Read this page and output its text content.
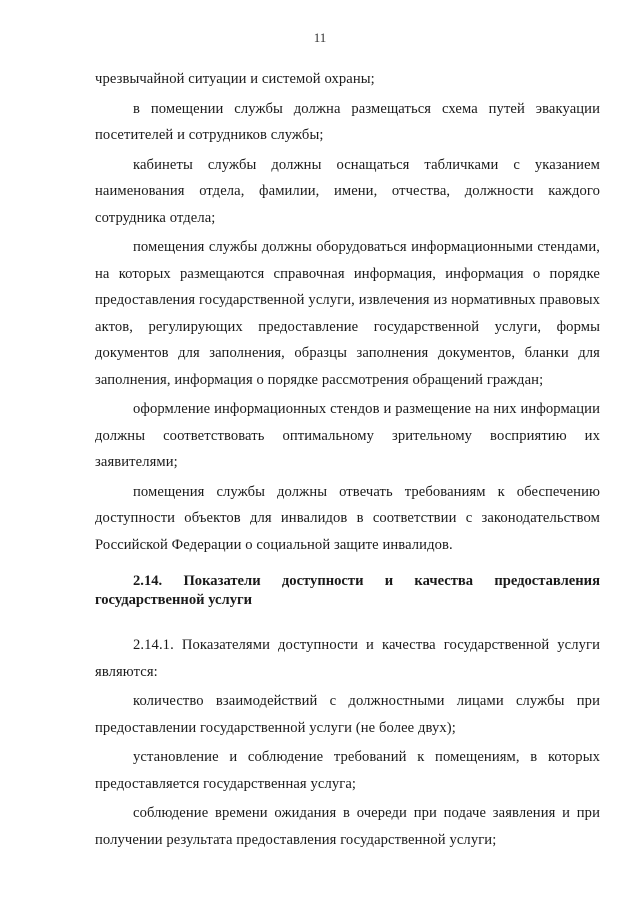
11

чрезвычайной ситуации и системой охраны;

в помещении службы должна размещаться схема путей эвакуации посетителей и сотрудников службы;

кабинеты службы должны оснащаться табличками с указанием наименования отдела, фамилии, имени, отчества, должности каждого сотрудника отдела;

помещения службы должны оборудоваться информационными стендами, на которых размещаются справочная информация, информация о порядке предоставления государственной услуги, извлечения из нормативных правовых актов, регулирующих предоставление государственной услуги, формы документов для заполнения, образцы заполнения документов, бланки для заполнения, информация о порядке рассмотрения обращений граждан;

оформление информационных стендов и размещение на них информации должны соответствовать оптимальному зрительному восприятию их заявителями;

помещения службы должны отвечать требованиям к обеспечению доступности объектов для инвалидов в соответствии с законодательством Российской Федерации о социальной защите инвалидов.

2.14. Показатели доступности и качества предоставления государственной услуги

2.14.1. Показателями доступности и качества государственной услуги являются:

количество взаимодействий с должностными лицами службы при предоставлении государственной услуги (не более двух);

установление и соблюдение требований к помещениям, в которых предоставляется государственная услуга;

соблюдение времени ожидания в очереди при подаче заявления и при получении результата предоставления государственной услуги;
